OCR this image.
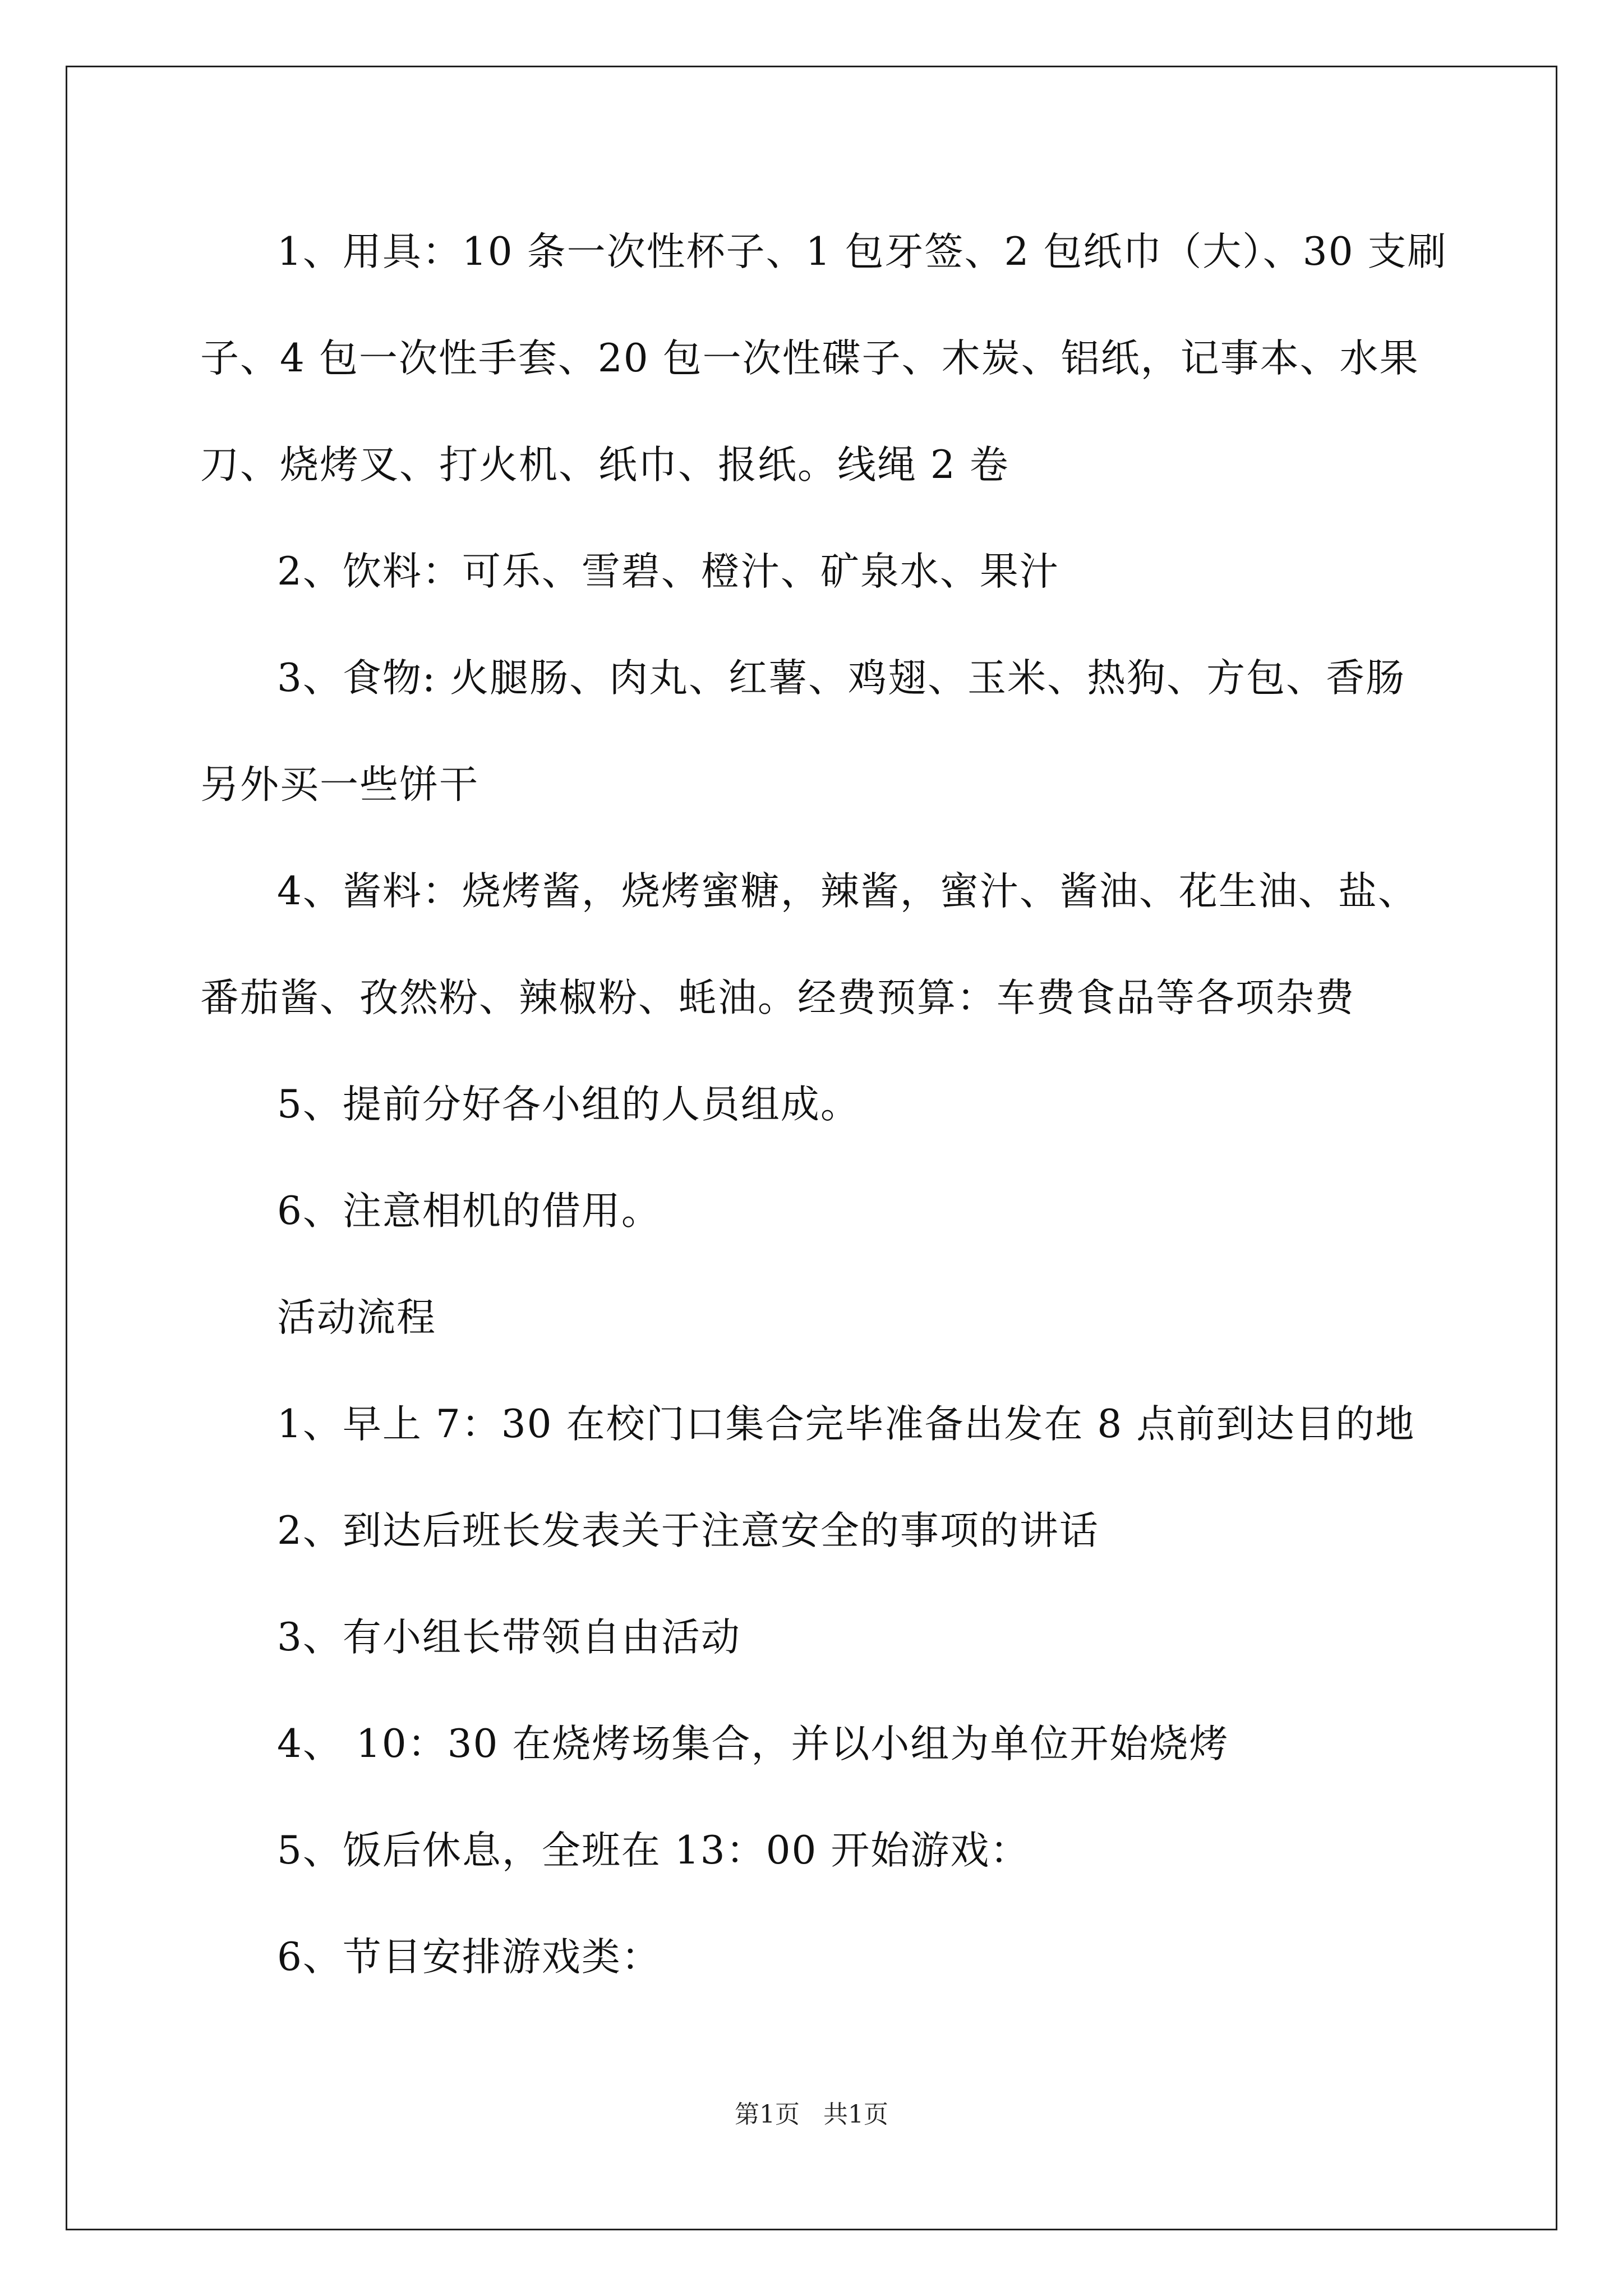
1、用具：10 条一次性杯子、1 包牙签、2 包纸巾（大）、30 支刷
子、4 包一次性手套、20 包一次性碟子、木炭、铝纸，记事本、水果
刀、烧烤叉、打火机、纸巾、报纸。线绳 2 卷
2、饮料：可乐、雪碧、橙汁、矿泉水、果汁
3、食物: 火腿肠、肉丸、红薯、鸡翅、玉米、热狗、方包、香肠
另外买一些饼干
4、酱料：烧烤酱，烧烤蜜糖，辣酱，蜜汁、酱油、花生油、盐、
番茄酱、孜然粉、辣椒粉、蚝油。经费预算：车费食品等各项杂费
5、提前分好各小组的人员组成。
6、注意相机的借用。
活动流程
1、早上 7：30 在校门口集合完毕准备出发在 8 点前到达目的地
2、到达后班长发表关于注意安全的事项的讲话
3、有小组长带领自由活动
4、 10：30 在烧烤场集合，并以小组为单位开始烧烤
5、饭后休息，全班在 13：00 开始游戏：
6、节目安排游戏类：
第1页   共1页
